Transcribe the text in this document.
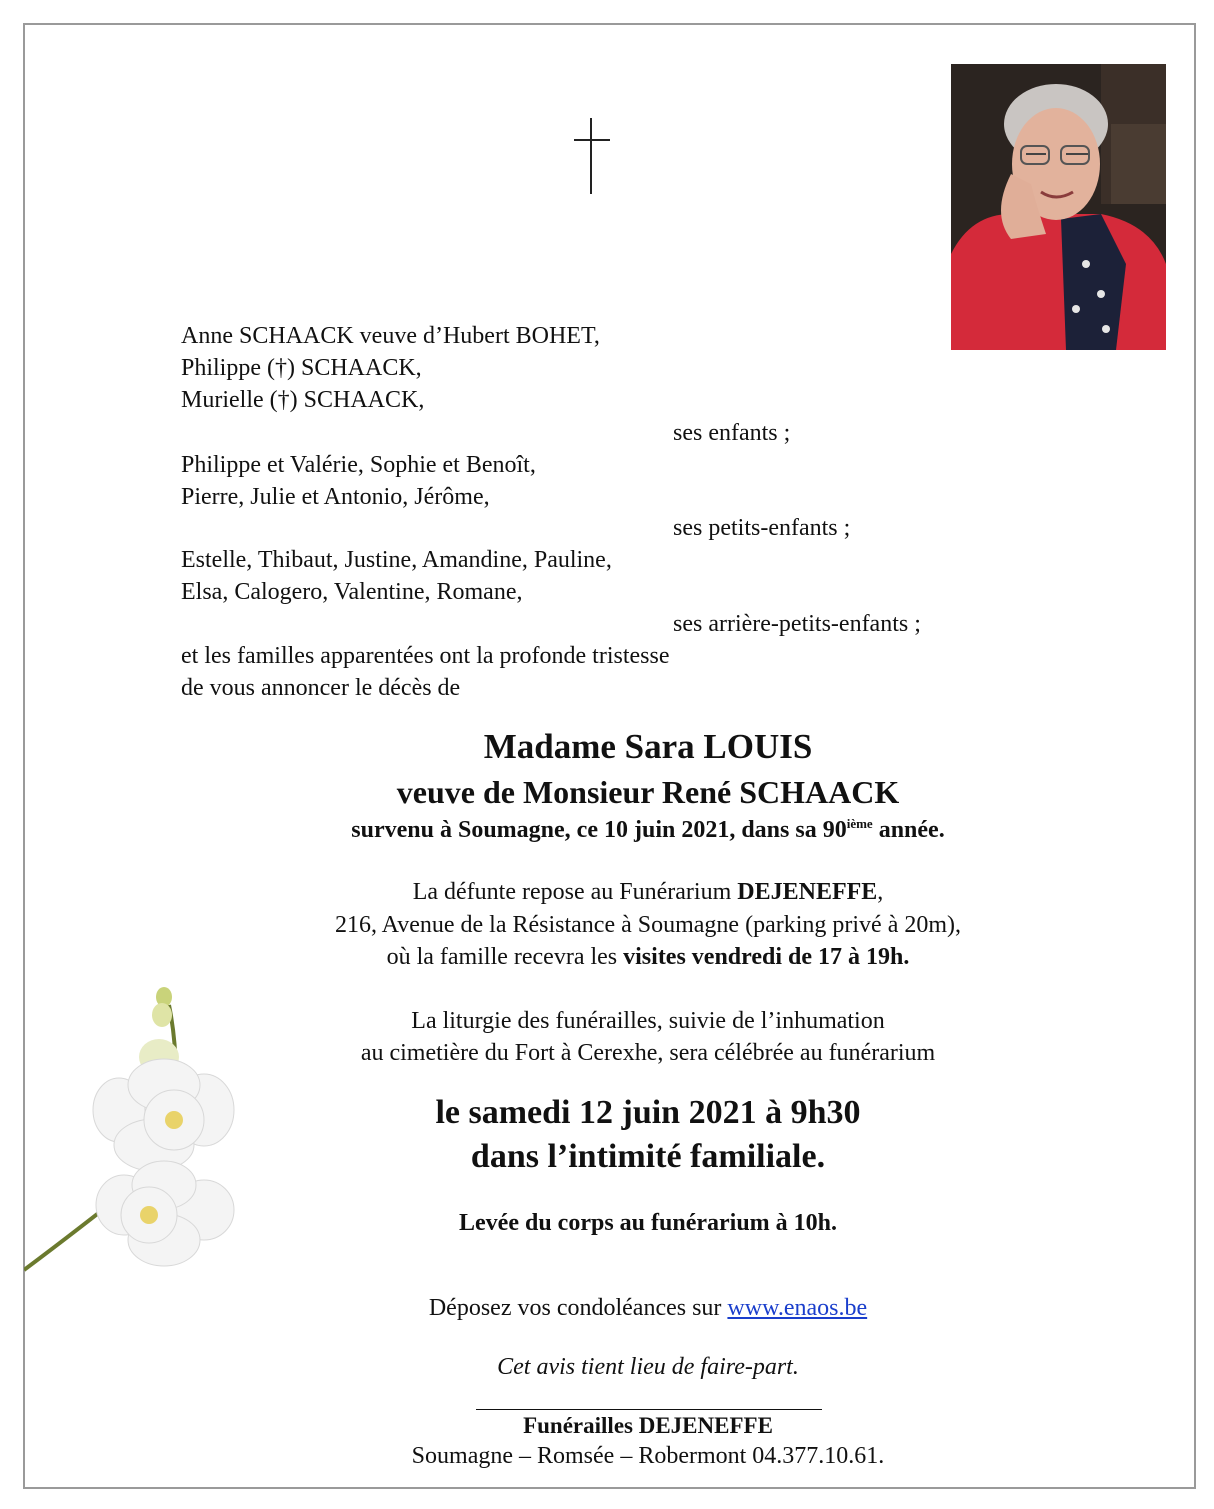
Anne SCHAACK veuve d’Hubert BOHET,
Philippe (†) SCHAACK,
Murielle (†) SCHAACK,
ses enfants ;
Philippe et Valérie, Sophie et Benoît,
Pierre, Julie et Antonio, Jérôme,
ses petits-enfants ;
Estelle, Thibaut, Justine, Amandine, Pauline,
Elsa, Calogero, Valentine, Romane,
ses arrière-petits-enfants ;
et les familles apparentées ont la profonde tristesse
de vous annoncer le décès de
Madame Sara LOUIS
veuve de Monsieur René SCHAACK
survenu à Soumagne, ce 10 juin 2021, dans sa 90ième année.
La défunte repose au Funérarium DEJENEFFE,
216, Avenue de la Résistance à Soumagne (parking privé à 20m),
où la famille recevra les visites vendredi de 17 à 19h.
La liturgie des funérailles, suivie de l’inhumation
au cimetière du Fort à Cerexhe, sera célébrée au funérarium
le samedi 12 juin 2021 à 9h30
dans l’intimité familiale.
Levée du corps au funérarium à 10h.
Déposez vos condoléances sur www.enaos.be
Cet avis tient lieu de faire-part.
Funérailles DEJENEFFE
Soumagne – Romsée – Robermont 04.377.10.61.
